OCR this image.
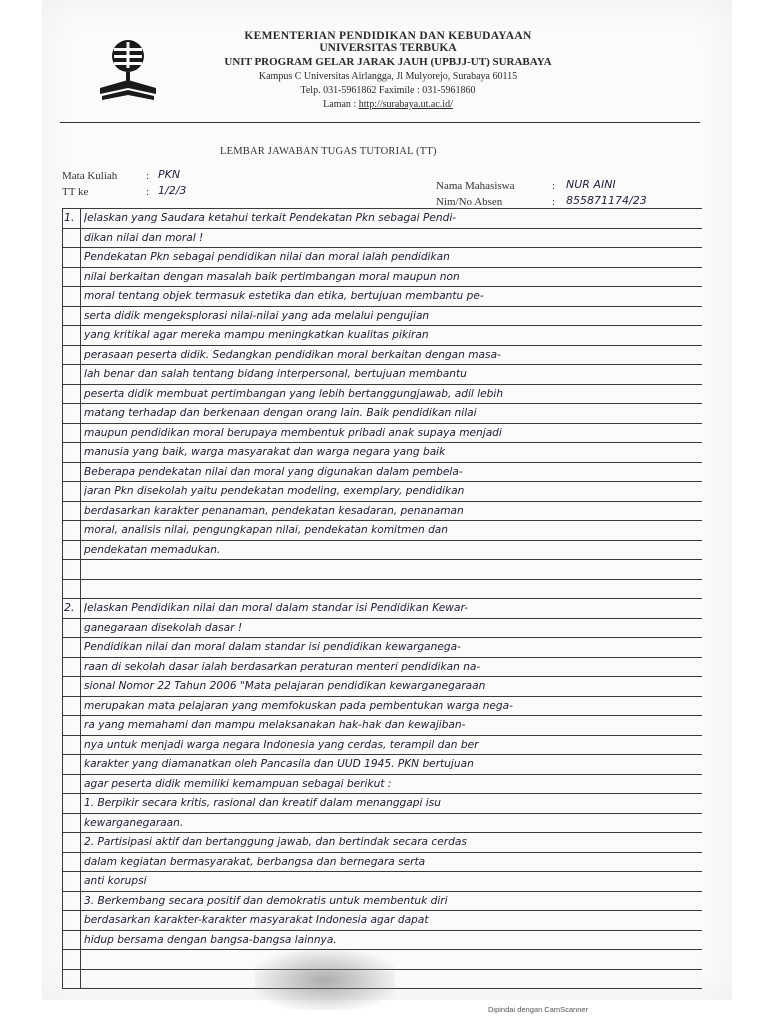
KEMENTERIAN PENDIDIKAN DAN KEBUDAYAAN
UNIVERSITAS TERBUKA
UNIT PROGRAM GELAR JARAK JAUH (UPBJJ-UT) SURABAYA
Kampus C Universitas Airlangga, Jl Mulyorejo, Surabaya 60115
Telp. 031-5961862 Faximile : 031-5961860
Laman : http://surabaya.ut.ac.id/
LEMBAR JAWABAN TUGAS TUTORIAL (TT)
Mata Kuliah	: PKN
TT ke	: 1/2/3	Nama Mahasiswa	: NUR AINI
Nim/No Absen	: 855871174/23
1. Jelaskan yang Saudara ketahui terkait Pendekatan Pkn sebagai Pendi-
dikan nilai dan moral !
Pendekatan Pkn sebagai pendidikan nilai dan moral ialah pendidikan
nilai berkaitan dengan masalah baik pertimbangan moral maupun non
moral tentang objek termasuk estetika dan etika, bertujuan membantu pe-
serta didik mengeksplorasi nilai-nilai yang ada melalui pengujian
yang kritikal agar mereka mampu meningkatkan kualitas pikiran
perasaan peserta didik. Sedangkan pendidikan moral berkaitan dengan masa-
lah benar dan salah tentang bidang interpersonal, bertujuan membantu
peserta didik membuat pertimbangan yang lebih bertanggungjawab, adil lebih
matang terhadap dan berkenaan dengan orang lain. Baik pendidikan nilai
maupun pendidikan moral berupaya membentuk pribadi anak supaya menjadi
manusia yang baik, warga masyarakat dan warga negara yang baik
Beberapa pendekatan nilai dan moral yang digunakan dalam pembela-
jaran Pkn disekolah yaitu pendekatan modeling, exemplary, pendidikan
berdasarkan karakter penanaman, pendekatan kesadaran, penanaman
moral, analisis nilai, pengungkapan nilai, pendekatan komitmen dan
pendekatan memadukan.
2. Jelaskan Pendidikan nilai dan moral dalam standar isi Pendidikan Kewar-
ganegaraan disekolah dasar !
Pendidikan nilai dan moral dalam standar isi pendidikan kewarganega-
raan di sekolah dasar ialah berdasarkan peraturan menteri pendidikan na-
sional Nomor 22 Tahun 2006 "Mata pelajaran pendidikan kewarganegaraan
merupakan mata pelajaran yang memfokuskan pada pembentukan warga nega-
ra yang memahami dan mampu melaksanakan hak-hak dan kewajiban-
nya untuk menjadi warga negara Indonesia yang cerdas, terampil dan ber
karakter yang diamanatkan oleh Pancasila dan UUD 1945. PKN bertujuan
agar peserta didik memiliki kemampuan sebagai berikut :
1. Berpikir secara kritis, rasional dan kreatif dalam menanggapi isu
kewarganegaraan.
2. Partisipasi aktif dan bertanggung jawab, dan bertindak secara cerdas
dalam kegiatan bermasyarakat, berbangsa dan bernegara serta
anti korupsi
3. Berkembang secara positif dan demokratis untuk membentuk diri
berdasarkan karakter-karakter masyarakat Indonesia agar dapat
hidup bersama dengan bangsa-bangsa lainnya.
Dipindai dengan CamScanner
